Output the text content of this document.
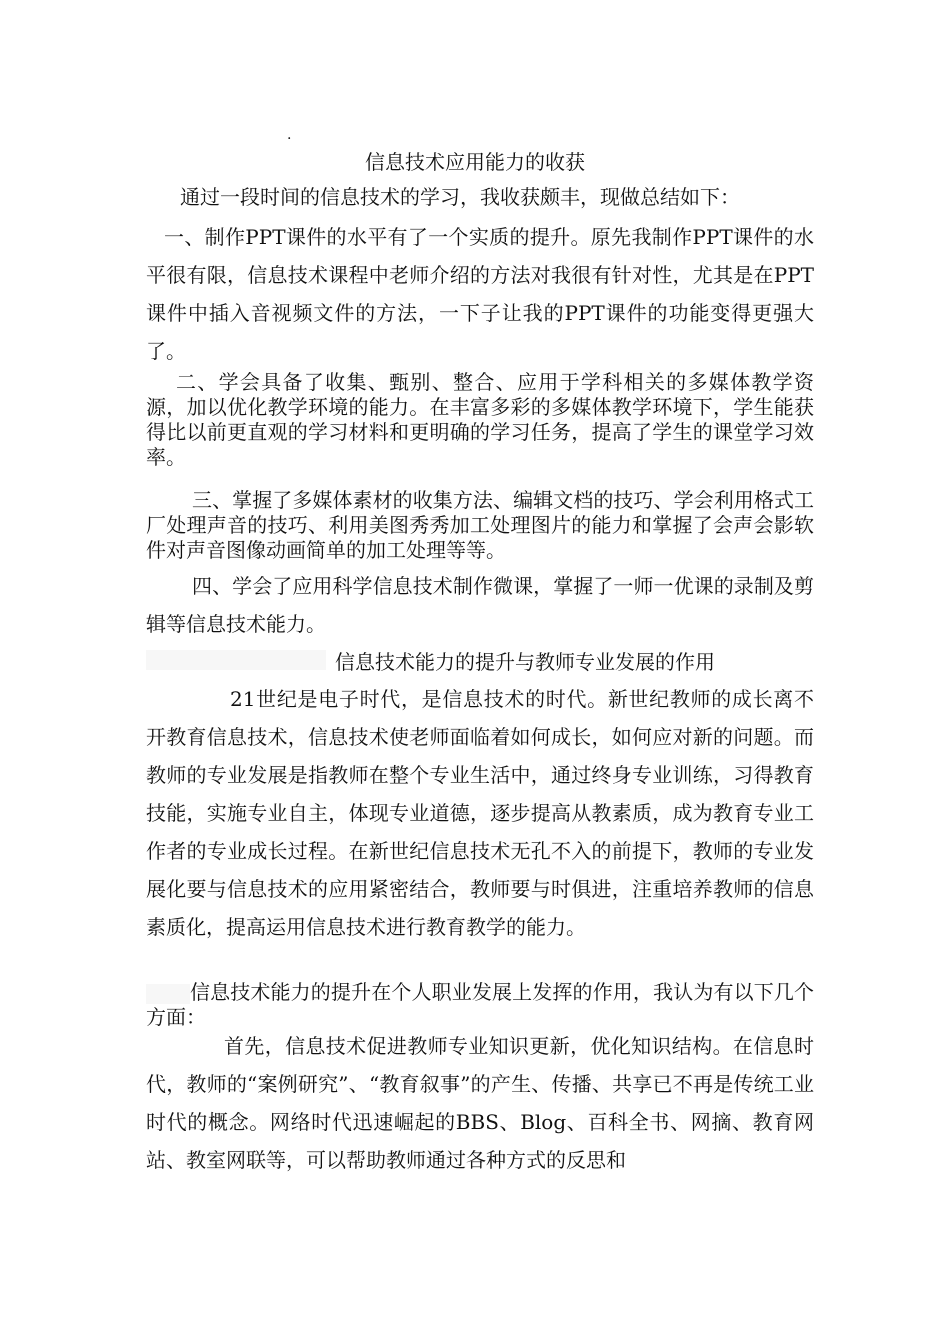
.
信息技术应用能力的收获

通过一段时间的信息技术的学习，我收获颇丰，现做总结如下：

一、制作PPT课件的水平有了一个实质的提升。原先我制作PPT课件的水平很有限，信息技术课程中老师介绍的方法对我很有针对性，尤其是在PPT课件中插入音视频文件的方法，一下子让我的PPT课件的功能变得更强大了。

二、学会具备了收集、甄别、整合、应用于学科相关的多媒体教学资源，加以优化教学环境的能力。在丰富多彩的多媒体教学环境下，学生能获得比以前更直观的学习材料和更明确的学习任务，提高了学生的课堂学习效率。

三、掌握了多媒体素材的收集方法、编辑文档的技巧、学会利用格式工厂处理声音的技巧、利用美图秀秀加工处理图片的能力和掌握了会声会影软件对声音图像动画简单的加工处理等等。

四、学会了应用科学信息技术制作微课，掌握了一师一优课的录制及剪辑等信息技术能力。

信息技术能力的提升与教师专业发展的作用

21世纪是电子时代，是信息技术的时代。新世纪教师的成长离不开教育信息技术，信息技术使老师面临着如何成长，如何应对新的问题。而教师的专业发展是指教师在整个专业生活中，通过终身专业训练，习得教育技能，实施专业自主，体现专业道德，逐步提高从教素质，成为教育专业工作者的专业成长过程。在新世纪信息技术无孔不入的前提下，教师的专业发展化要与信息技术的应用紧密结合，教师要与时俱进，注重培养教师的信息素质化，提高运用信息技术进行教育教学的能力。

信息技术能力的提升在个人职业发展上发挥的作用，我认为有以下几个方面：

首先，信息技术促进教师专业知识更新，优化知识结构。在信息时代，教师的“案例研究”、“教育叙事”的产生、传播、共享已不再是传统工业时代的概念。网络时代迅速崛起的BBS、Blog、百科全书、网摘、教育网站、教室网联等，可以帮助教师通过各种方式的反思和
